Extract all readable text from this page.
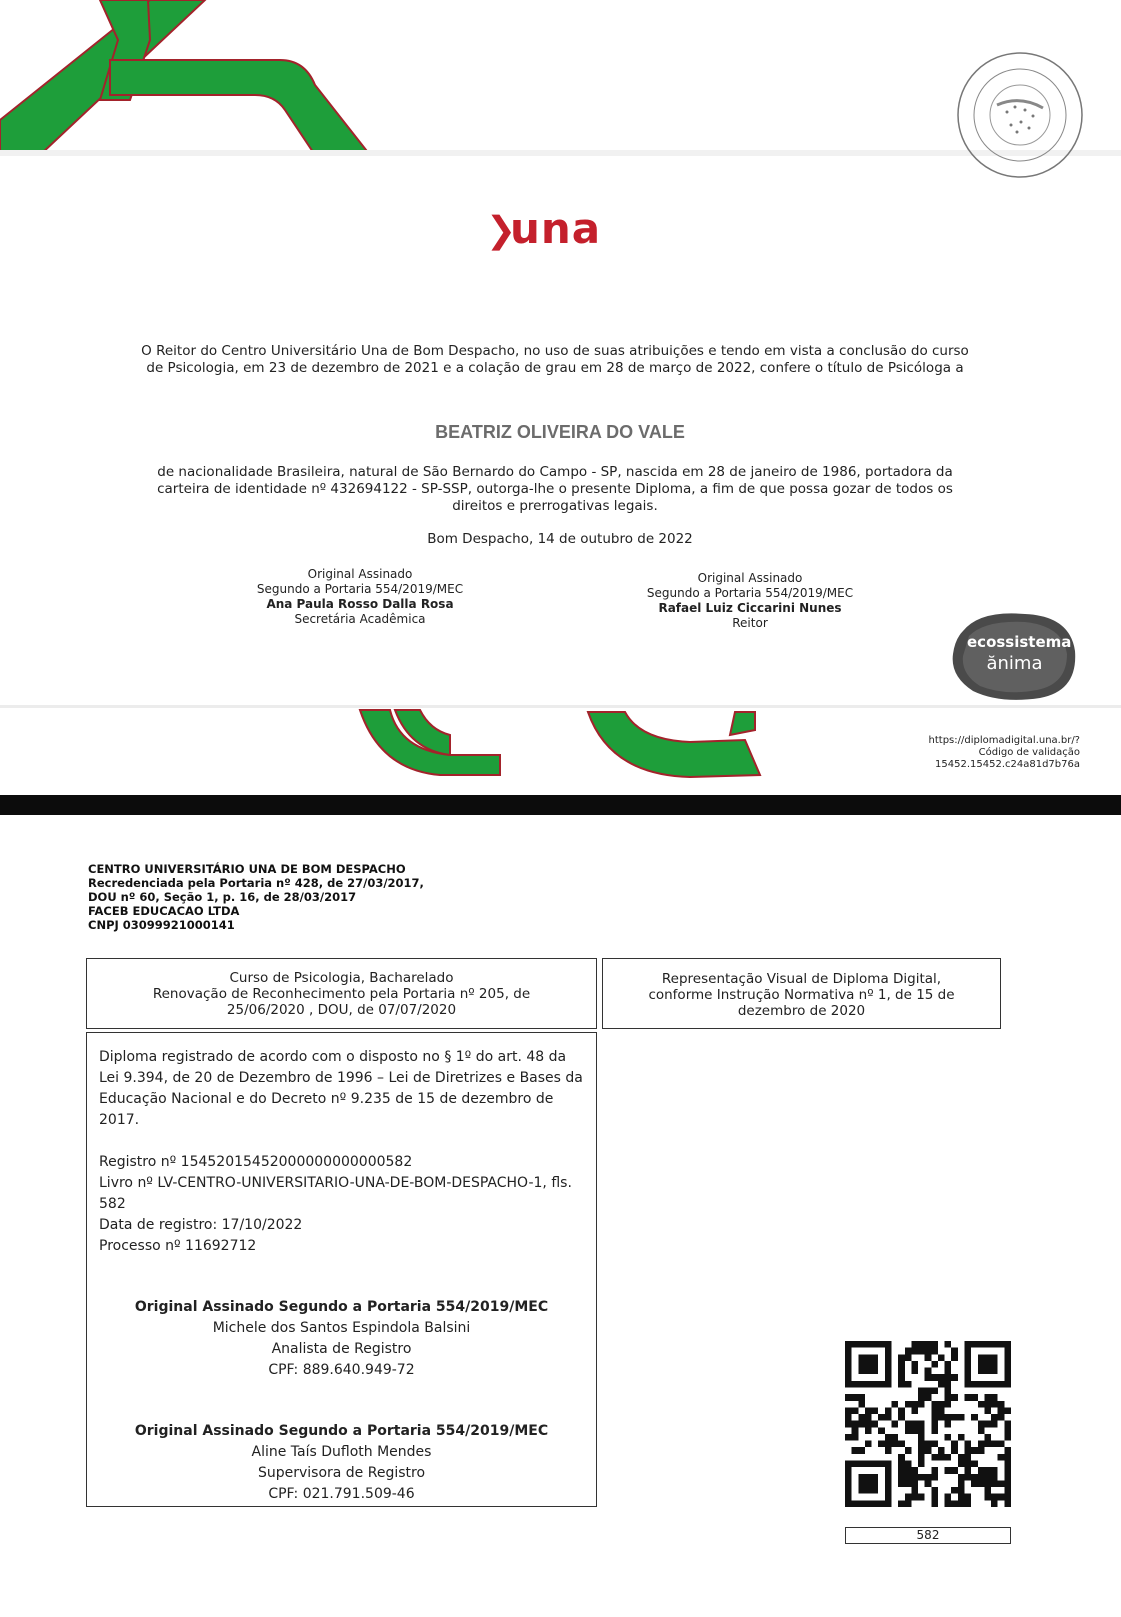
❯
una
O Reitor do Centro Universitário Una de Bom Despacho, no uso de suas atribuições e tendo em vista a conclusão do curso de Psicologia, em 23 de dezembro de 2021 e a colação de grau em 28 de março de 2022, confere o título de Psicóloga a
BEATRIZ OLIVEIRA DO VALE
de nacionalidade Brasileira, natural de São Bernardo do Campo - SP, nascida em 28 de janeiro de 1986, portadora da carteira de identidade nº 432694122 - SP-SSP, outorga-lhe o presente Diploma, a fim de que possa gozar de todos os direitos e prerrogativas legais.
Bom Despacho, 14 de outubro de 2022
Original Assinado
Segundo a Portaria 554/2019/MEC
Ana Paula Rosso Dalla Rosa
Secretária Acadêmica
Original Assinado
Segundo a Portaria 554/2019/MEC
Rafael Luiz Ciccarini Nunes
Reitor
ecossistema
ănima
https://diplomadigital.una.br/?
Código de validação
15452.15452.c24a81d7b76a
CENTRO UNIVERSITÁRIO UNA DE BOM DESPACHO
Recredenciada pela Portaria nº 428, de 27/03/2017,
DOU nº 60, Seção 1, p. 16, de 28/03/2017
FACEB EDUCACAO LTDA
CNPJ 03099921000141
Curso de Psicologia, Bacharelado
Renovação de Reconhecimento pela Portaria nº 205, de
25/06/2020 , DOU, de 07/07/2020
Representação Visual de Diploma Digital,
conforme Instrução Normativa nº 1, de 15 de
dezembro de 2020

Diploma registrado de acordo com o disposto no § 1º do art. 48 da Lei 9.394, de 20 de Dezembro de 1996 – Lei de Diretrizes e Bases da Educação Nacional e do Decreto nº 9.235 de 15 de dezembro de 2017.

Registro nº 15452015452000000000000582

Livro nº LV-CENTRO-UNIVERSITARIO-UNA-DE-BOM-DESPACHO-1, fls. 582

Data de registro: 17/10/2022

Processo nº 11692712

Original Assinado Segundo a Portaria 554/2019/MEC

Michele dos Santos Espindola Balsini

Analista de Registro

CPF: 889.640.949-72

Original Assinado Segundo a Portaria 554/2019/MEC

Aline Taís Dufloth Mendes

Supervisora de Registro

CPF: 021.791.509-46

582
